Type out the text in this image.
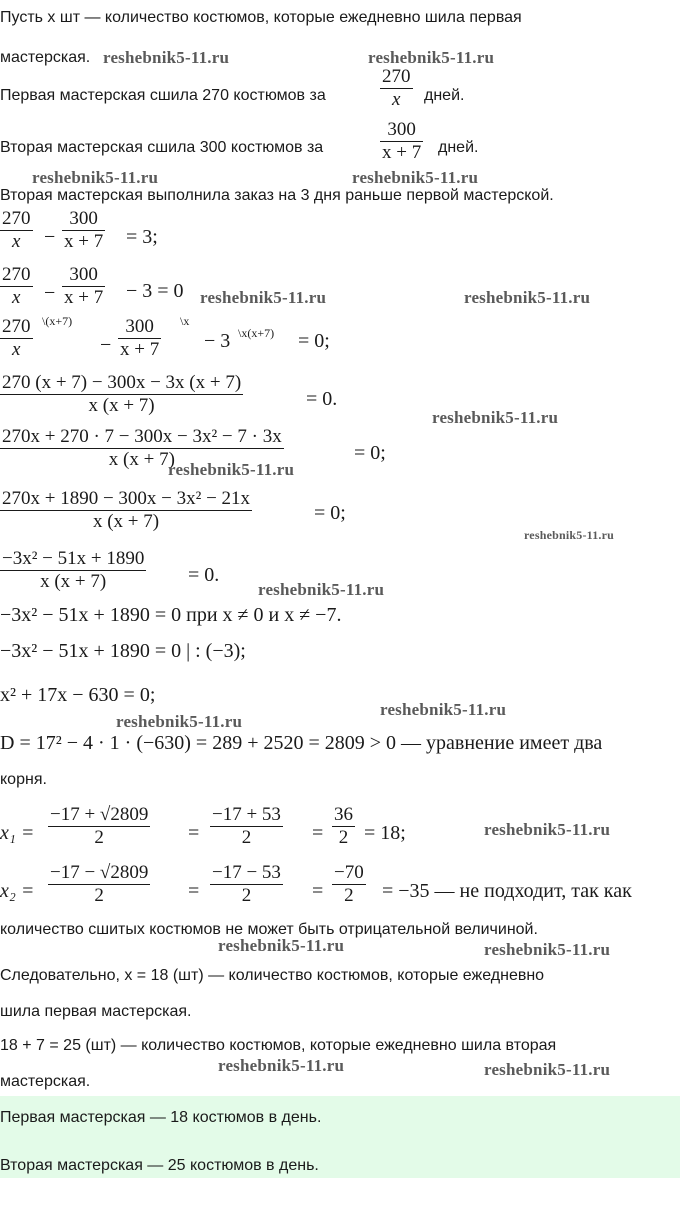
Пусть x шт — количество костюмов, которые ежедневно шила первая
мастерская.
Первая мастерская сшила 270 костюмов за
270
x дней.
Вторая мастерская сшила 300 костюмов за
300
x + 7 дней.
Вторая мастерская выполнила заказ на 3 дня раньше первой мастерской.
270
x −
300
x + 7 = 3;
270
x −
300
x + 7 − 3 = 0
270
x
\(x+7)
−
300
x + 7
\x
− 3 \x(x+7) = 0;
270 (x + 7) − 300x − 3x (x + 7)
x (x + 7)	= 0.
270x + 270 · 7 − 300x − 3x² − 7 · 3x
x (x + 7)	= 0;
270x + 1890 − 300x − 3x² − 21x
x (x + 7)	= 0;
−3x² − 51x + 1890
x (x + 7)	= 0.
−3x² − 51x + 1890 = 0 при x ≠ 0 и x ≠ −7.
−3x² − 51x + 1890 = 0 | : (−3);
x² + 17x − 630 = 0;
D = 17² − 4 · 1 · (−630) = 289 + 2520 = 2809 > 0 — уравнение имеет два
корня.
x₁ =
−17 + √2809
2	=
−17 + 53
2	=
36
2 = 18;
x₂ =
−17 − √2809
2	=
−17 − 53
2	=
−70
2 = −35 — не подходит, так как
количество сшитых костюмов не может быть отрицательной величиной.
Следовательно, x = 18 (шт) — количество костюмов, которые ежедневно
шила первая мастерская.
18 + 7 = 25 (шт) — количество костюмов, которые ежедневно шила вторая
мастерская.
Первая мастерская — 18 костюмов в день.
Вторая мастерская — 25 костюмов в день.
reshebnik5-11.ru	reshebnik5-11.ru
reshebnik5-11.ru	reshebnik5-11.ru
reshebnik5-11.ru	reshebnik5-11.ru
reshebnik5-11.ru
reshebnik5-11.ru
reshebnik5-11.ru
reshebnik5-11.ru
reshebnik5-11.ru
reshebnik5-11.ru
reshebnik5-11.ru
reshebnik5-11.ru	reshebnik5-11.ru
reshebnik5-11.ru	reshebnik5-11.ru
